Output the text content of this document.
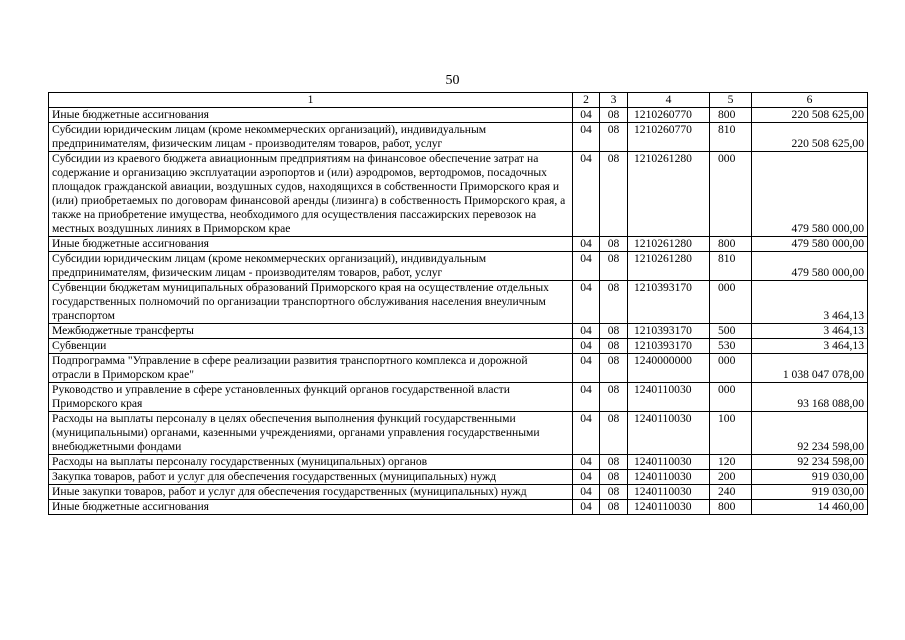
50
1	2	3	4	5	6
Иные бюджетные ассигнования	04	08	1210260770	800	220 508 625,00
Субсидии юридическим лицам (кроме некоммерческих организаций), индивидуальным предпринимателям, физическим лицам - производителям товаров, работ, услуг	04	08	1210260770	810	220 508 625,00
Субсидии из краевого бюджета авиационным предприятиям на финансовое обеспечение затрат на содержание и организацию эксплуатации аэропортов и (или) аэродромов, вертодромов, посадочных площадок гражданской авиации, воздушных судов, находящихся в собственности Приморского края и (или) приобретаемых по договорам финансовой аренды (лизинга) в собственность Приморского края, а также на приобретение имущества, необходимого для осуществления пассажирских перевозок на местных воздушных линиях в Приморском крае	04	08	1210261280	000	479 580 000,00
Иные бюджетные ассигнования	04	08	1210261280	800	479 580 000,00
Субсидии юридическим лицам (кроме некоммерческих организаций), индивидуальным предпринимателям, физическим лицам - производителям товаров, работ, услуг	04	08	1210261280	810	479 580 000,00
Субвенции бюджетам муниципальных образований Приморского края на осуществление отдельных государственных полномочий по организации транспортного обслуживания населения внеуличным транспортом	04	08	1210393170	000	3 464,13
Межбюджетные трансферты	04	08	1210393170	500	3 464,13
Субвенции	04	08	1210393170	530	3 464,13
Подпрограмма "Управление в сфере реализации развития транспортного комплекса и дорожной отрасли в Приморском крае"	04	08	1240000000	000	1 038 047 078,00
Руководство и управление в сфере установленных функций органов государственной власти Приморского края	04	08	1240110030	000	93 168 088,00
Расходы на выплаты персоналу в целях обеспечения выполнения функций государственными (муниципальными) органами, казенными учреждениями, органами управления государственными внебюджетными фондами	04	08	1240110030	100	92 234 598,00
Расходы на выплаты персоналу государственных (муниципальных) органов	04	08	1240110030	120	92 234 598,00
Закупка товаров, работ и услуг для обеспечения государственных (муниципальных) нужд	04	08	1240110030	200	919 030,00
Иные закупки товаров, работ и услуг для обеспечения государственных (муниципальных) нужд	04	08	1240110030	240	919 030,00
Иные бюджетные ассигнования	04	08	1240110030	800	14 460,00
